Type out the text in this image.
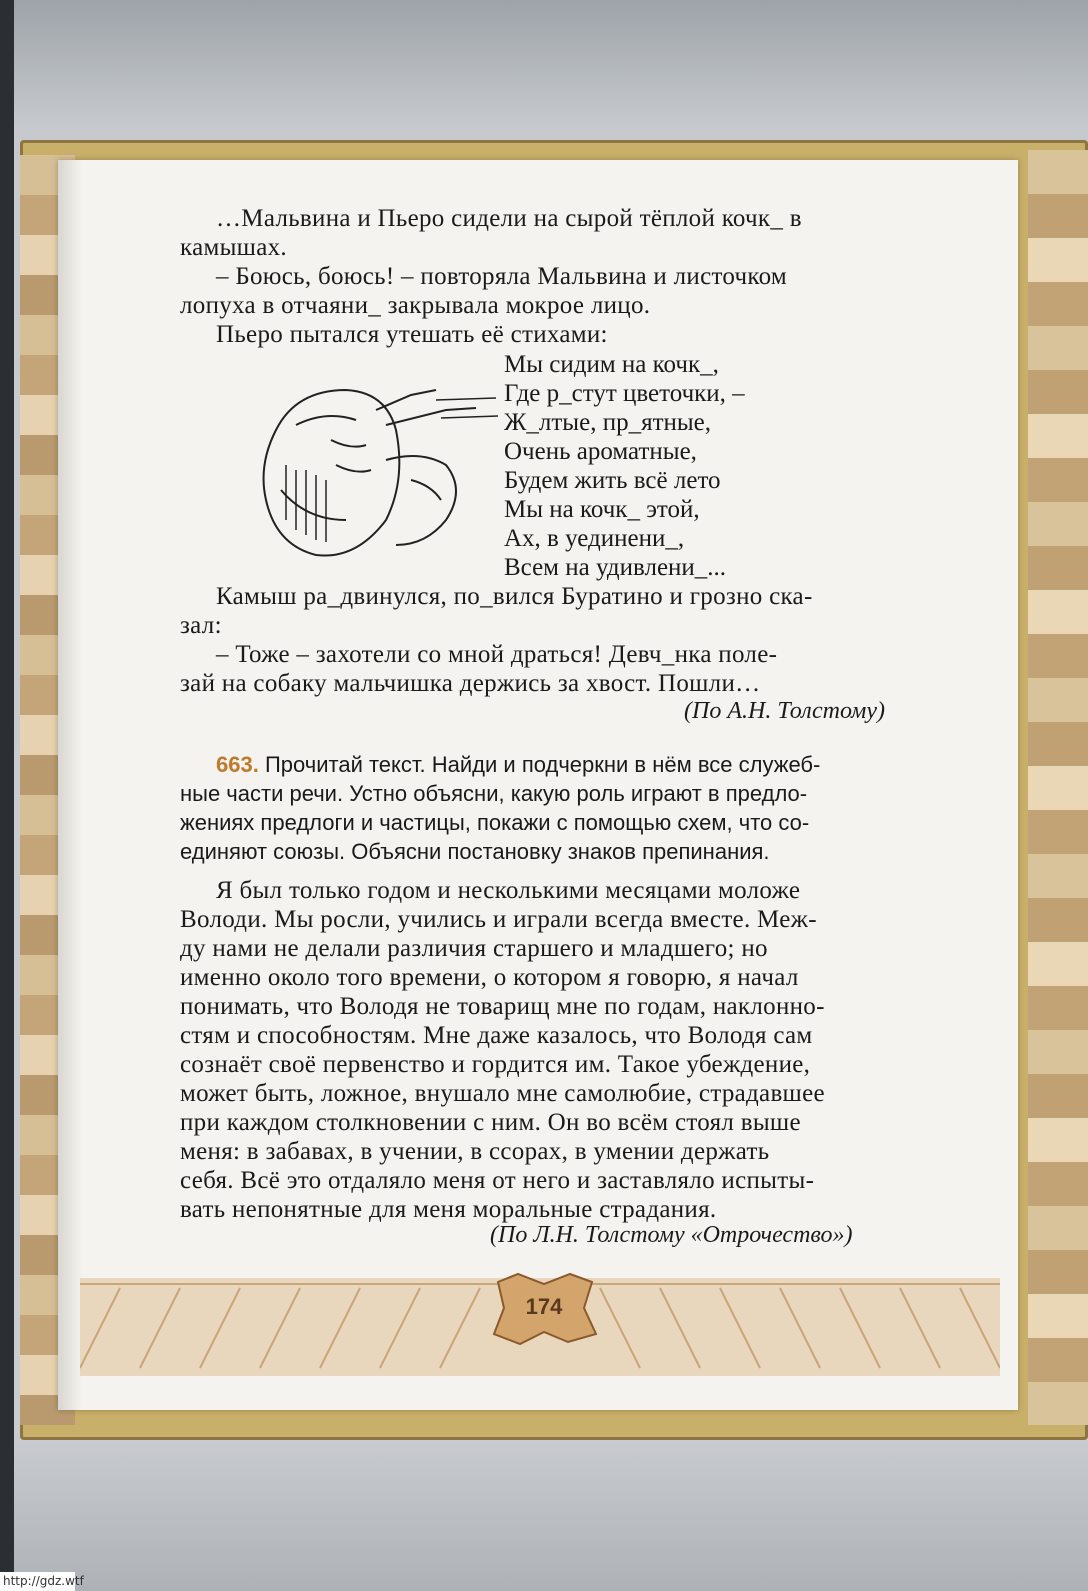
…Мальвина и Пьеро сидели на сырой тёплой кочк_ в
камышах.
– Боюсь, боюсь! – повторяла Мальвина и листочком
лопуха в отчаяни_ закрывала мокрое лицо.
Пьеро пытался утешать её стихами:
Мы сидим на кочк_,
Где р_стут цветочки, –
Ж_лтые, пр_ятные,
Очень ароматные,
Будем жить всё лето
Мы на кочк_ этой,
Ах, в уединени_,
Всем на удивлени_...
Камыш ра_двинулся, по_вился Буратино и грозно ска-
зал:
– Тоже – захотели со мной драться! Девч_нка поле-
зай на собаку мальчишка держись за хвост. Пошли…
(По А.Н. Толстому)
663. Прочитай текст. Найди и подчеркни в нём все служеб-
ные части речи. Устно объясни, какую роль играют в предло-
жениях предлоги и частицы, покажи с помощью схем, что со-
единяют союзы. Объясни постановку знаков препинания.
Я был только годом и несколькими месяцами моложе
Володи. Мы росли, учились и играли всегда вместе. Меж-
ду нами не делали различия старшего и младшего; но
именно около того времени, о котором я говорю, я начал
понимать, что Володя не товарищ мне по годам, наклонно-
стям и способностям. Мне даже казалось, что Володя сам
сознаёт своё первенство и гордится им. Такое убеждение,
может быть, ложное, внушало мне самолюбие, страдавшее
при каждом столкновении с ним. Он во всём стоял выше
меня: в забавах, в учении, в ссорах, в умении держать
себя. Всё это отдаляло меня от него и заставляло испыты-
вать непонятные для меня моральные страдания.
(По Л.Н. Толстому «Отрочество»)
174
http://gdz.wtf
